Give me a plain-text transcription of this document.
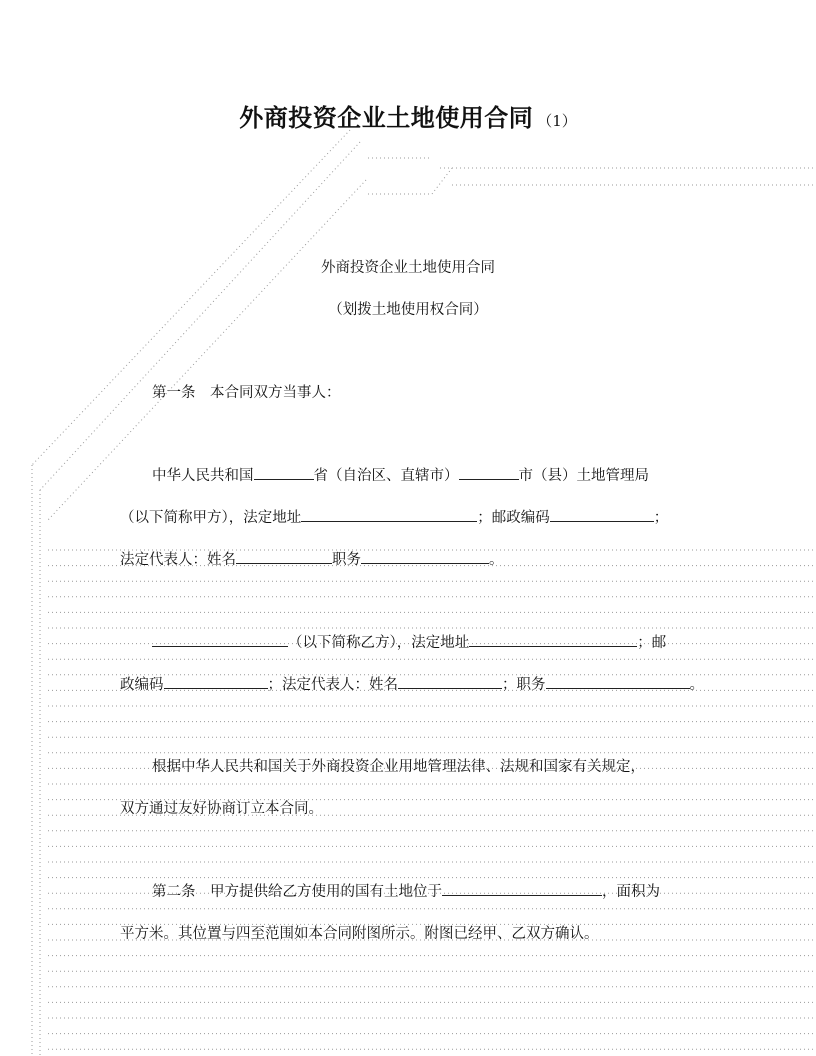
外商投资企业土地使用合同 （1）
外商投资企业土地使用合同
（划拨土地使用权合同）
第一条　本合同双方当事人：
中华人民共和国	省（自治区、直辖市）	市（县）土地管理局
（以下简称甲方），法定地址	；邮政编码	；
法定代表人：姓名	职务	。
（以下简称乙方），法定地址	；邮
政编码	；法定代表人：姓名	；职务	。
根据中华人民共和国关于外商投资企业用地管理法律、法规和国家有关规定，
双方通过友好协商订立本合同。
第二条　甲方提供给乙方使用的国有土地位于	，面积为
平方米。其位置与四至范围如本合同附图所示。附图已经甲、乙双方确认。
